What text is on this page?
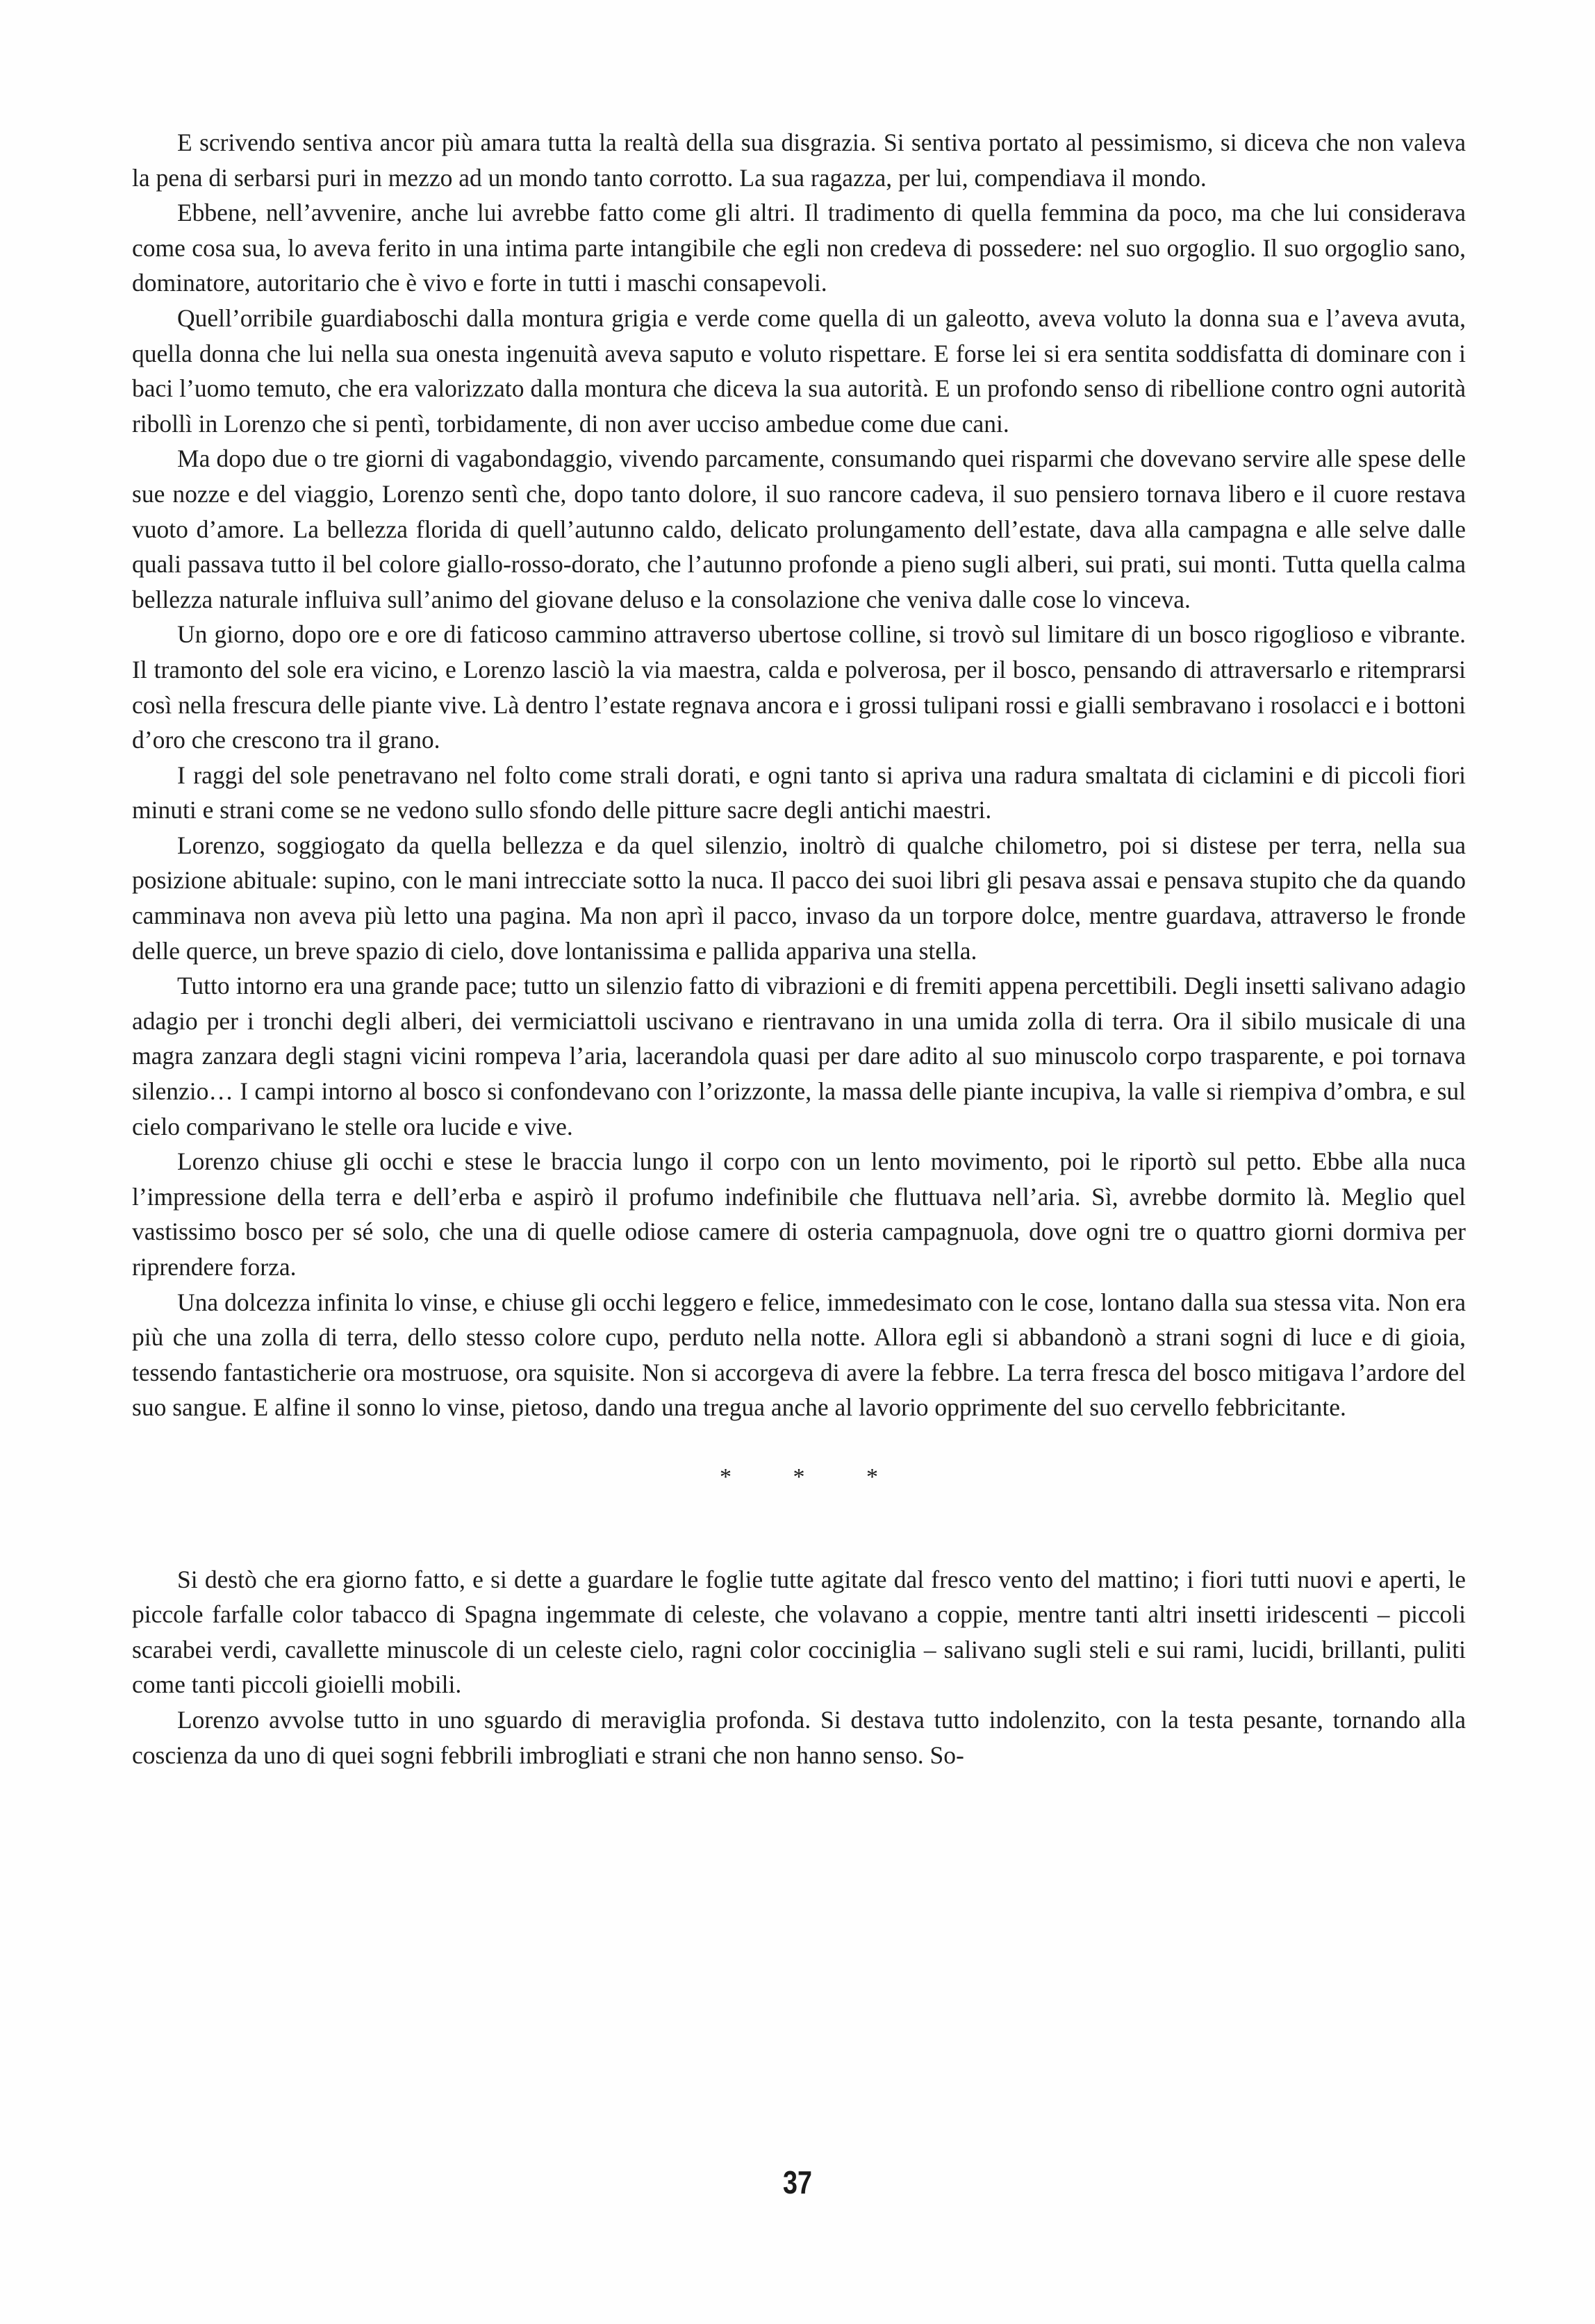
E scrivendo sentiva ancor più amara tutta la realtà della sua disgrazia. Si sentiva portato al pessimismo, si diceva che non valeva la pena di serbarsi puri in mezzo ad un mondo tanto corrotto. La sua ragazza, per lui, compendiava il mondo.

Ebbene, nell’avvenire, anche lui avrebbe fatto come gli altri. Il tradimento di quella femmina da poco, ma che lui considerava come cosa sua, lo aveva ferito in una intima parte intangibile che egli non credeva di possedere: nel suo orgoglio. Il suo orgoglio sano, dominatore, autoritario che è vivo e forte in tutti i maschi consapevoli.

Quell’orribile guardiaboschi dalla montura grigia e verde come quella di un galeotto, aveva voluto la donna sua e l’aveva avuta, quella donna che lui nella sua onesta ingenuità aveva saputo e voluto rispettare. E forse lei si era sentita soddisfatta di dominare con i baci l’uomo temuto, che era valorizzato dalla montura che diceva la sua autorità. E un profondo senso di ribellione contro ogni autorità ribollì in Lorenzo che si pentì, torbidamente, di non aver ucciso ambedue come due cani.

Ma dopo due o tre giorni di vagabondaggio, vivendo parcamente, consumando quei risparmi che dovevano servire alle spese delle sue nozze e del viaggio, Lorenzo sentì che, dopo tanto dolore, il suo rancore cadeva, il suo pensiero tornava libero e il cuore restava vuoto d’amore. La bellezza florida di quell’autunno caldo, delicato prolungamento dell’estate, dava alla campagna e alle selve dalle quali passava tutto il bel colore giallo-rosso-dorato, che l’autunno profonde a pieno sugli alberi, sui prati, sui monti. Tutta quella calma bellezza naturale influiva sull’animo del giovane deluso e la consolazione che veniva dalle cose lo vinceva.

Un giorno, dopo ore e ore di faticoso cammino attraverso ubertose colline, si trovò sul limitare di un bosco rigoglioso e vibrante. Il tramonto del sole era vicino, e Lorenzo lasciò la via maestra, calda e polverosa, per il bosco, pensando di attraversarlo e ritemprarsi così nella frescura delle piante vive. Là dentro l’estate regnava ancora e i grossi tulipani rossi e gialli sembravano i rosolacci e i bottoni d’oro che crescono tra il grano.

I raggi del sole penetravano nel folto come strali dorati, e ogni tanto si apriva una radura smaltata di ciclamini e di piccoli fiori minuti e strani come se ne vedono sullo sfondo delle pitture sacre degli antichi maestri.

Lorenzo, soggiogato da quella bellezza e da quel silenzio, inoltrò di qualche chilometro, poi si distese per terra, nella sua posizione abituale: supino, con le mani intrecciate sotto la nuca. Il pacco dei suoi libri gli pesava assai e pensava stupito che da quando camminava non aveva più letto una pagina. Ma non aprì il pacco, invaso da un torpore dolce, mentre guardava, attraverso le fronde delle querce, un breve spazio di cielo, dove lontanissima e pallida appariva una stella.

Tutto intorno era una grande pace; tutto un silenzio fatto di vibrazioni e di fremiti appena percettibili. Degli insetti salivano adagio adagio per i tronchi degli alberi, dei vermiciattoli uscivano e rientravano in una umida zolla di terra. Ora il sibilo musicale di una magra zanzara degli stagni vicini rompeva l’aria, lacerandola quasi per dare adito al suo minuscolo corpo trasparente, e poi tornava silenzio… I campi intorno al bosco si confondevano con l’orizzonte, la massa delle piante incupiva, la valle si riempiva d’ombra, e sul cielo comparivano le stelle ora lucide e vive.

Lorenzo chiuse gli occhi e stese le braccia lungo il corpo con un lento movimento, poi le riportò sul petto. Ebbe alla nuca l’impressione della terra e dell’erba e aspirò il profumo indefinibile che fluttuava nell’aria. Sì, avrebbe dormito là. Meglio quel vastissimo bosco per sé solo, che una di quelle odiose camere di osteria campagnuola, dove ogni tre o quattro giorni dormiva per riprendere forza.

Una dolcezza infinita lo vinse, e chiuse gli occhi leggero e felice, immedesimato con le cose, lontano dalla sua stessa vita. Non era più che una zolla di terra, dello stesso colore cupo, perduto nella notte. Allora egli si abbandonò a strani sogni di luce e di gioia, tessendo fantasticherie ora mostruose, ora squisite. Non si accorgeva di avere la febbre. La terra fresca del bosco mitigava l’ardore del suo sangue. E alfine il sonno lo vinse, pietoso, dando una tregua anche al lavorio opprimente del suo cervello febbricitante.

* * *

Si destò che era giorno fatto, e si dette a guardare le foglie tutte agitate dal fresco vento del mattino; i fiori tutti nuovi e aperti, le piccole farfalle color tabacco di Spagna ingemmate di celeste, che volavano a coppie, mentre tanti altri insetti iridescenti – piccoli scarabei verdi, cavallette minuscole di un celeste cielo, ragni color cocciniglia – salivano sugli steli e sui rami, lucidi, brillanti, puliti come tanti piccoli gioielli mobili.

Lorenzo avvolse tutto in uno sguardo di meraviglia profonda. Si destava tutto indolenzito, con la testa pesante, tornando alla coscienza da uno di quei sogni febbrili imbrogliati e strani che non hanno senso. So-

37
